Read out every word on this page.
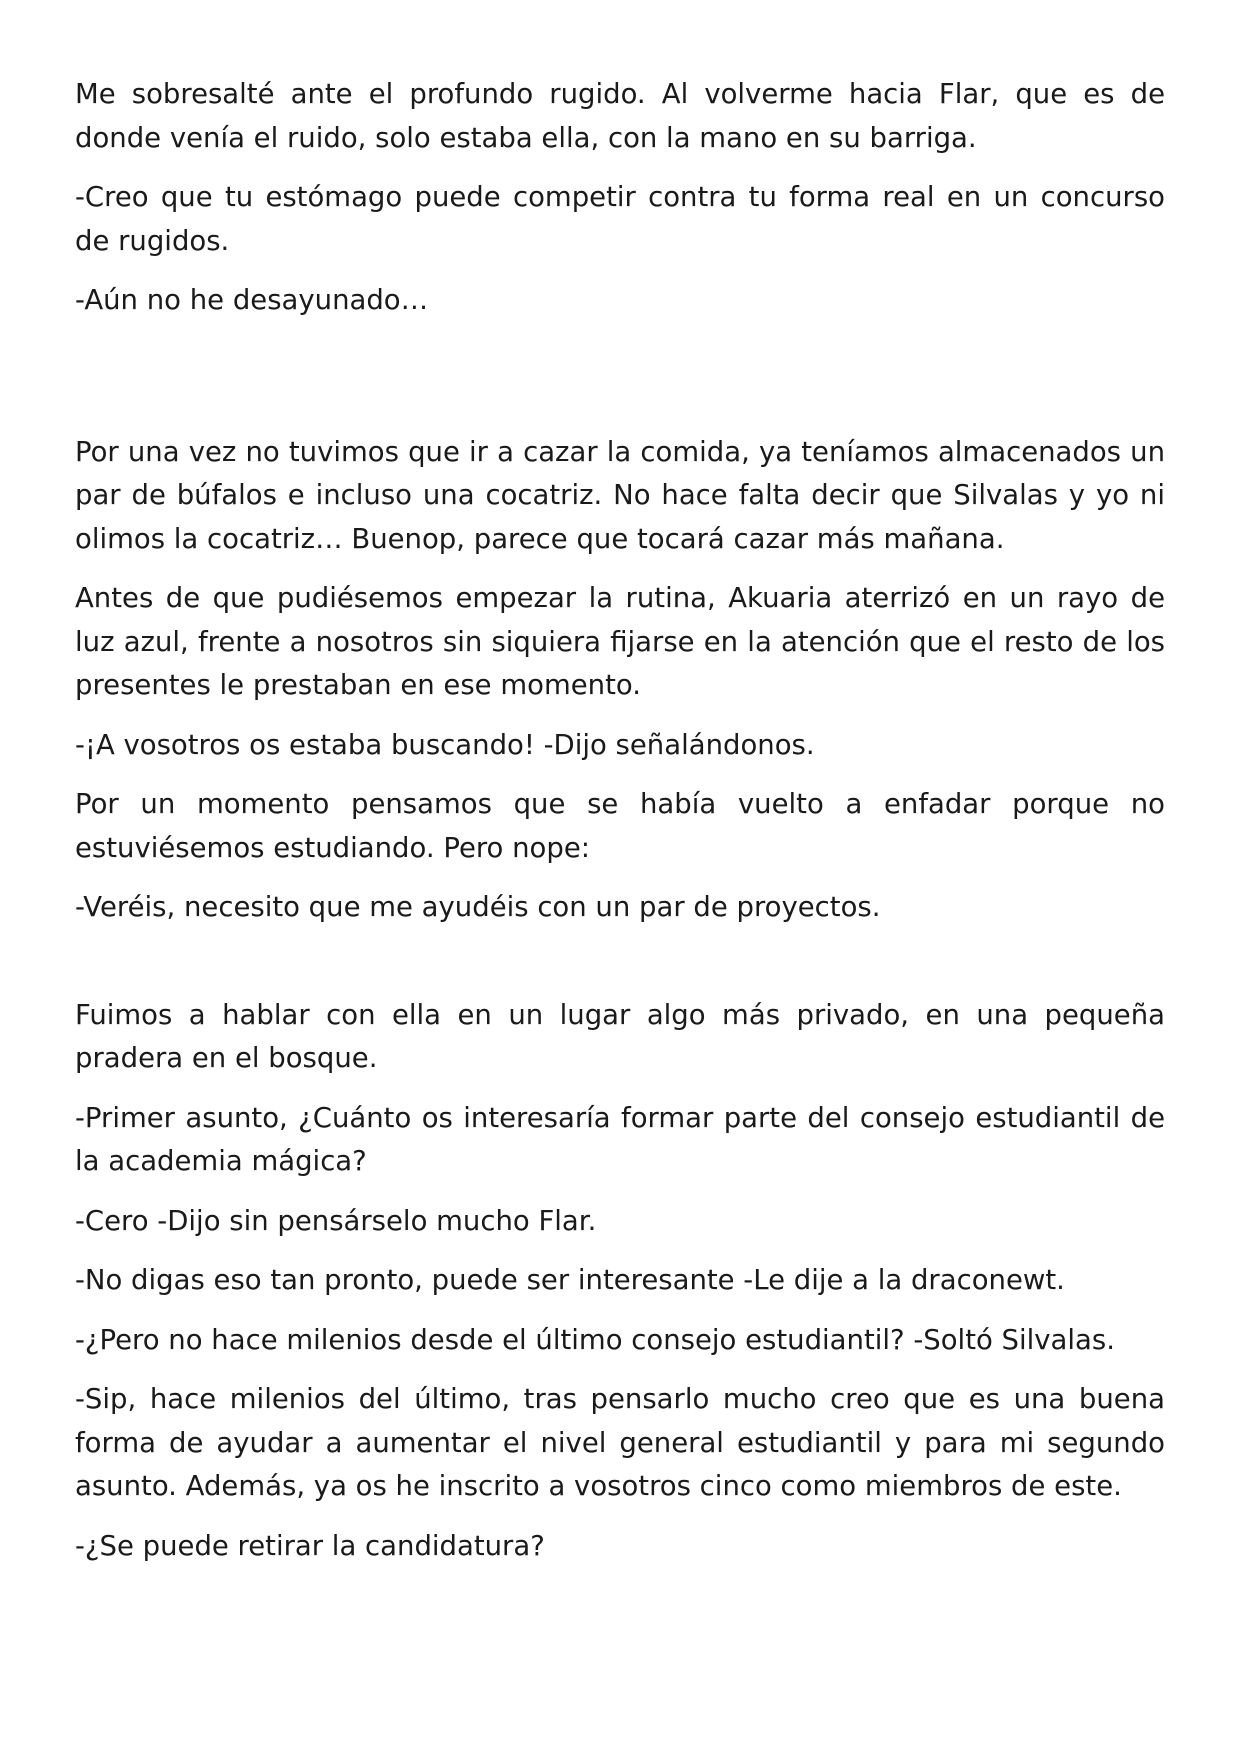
Me sobresalté ante el profundo rugido. Al volverme hacia Flar, que es de donde venía el ruido, solo estaba ella, con la mano en su barriga.

-Creo que tu estómago puede competir contra tu forma real en un concurso de rugidos.

-Aún no he desayunado…

Por una vez no tuvimos que ir a cazar la comida, ya teníamos almacenados un par de búfalos e incluso una cocatriz. No hace falta decir que Silvalas y yo ni olimos la cocatriz… Buenop, parece que tocará cazar más mañana.

Antes de que pudiésemos empezar la rutina, Akuaria aterrizó en un rayo de luz azul, frente a nosotros sin siquiera fijarse en la atención que el resto de los presentes le prestaban en ese momento.

-¡A vosotros os estaba buscando! -Dijo señalándonos.

Por un momento pensamos que se había vuelto a enfadar porque no estuviésemos estudiando. Pero nope:

-Veréis, necesito que me ayudéis con un par de proyectos.

Fuimos a hablar con ella en un lugar algo más privado, en una pequeña pradera en el bosque.

-Primer asunto, ¿Cuánto os interesaría formar parte del consejo estudiantil de la academia mágica?

-Cero -Dijo sin pensárselo mucho Flar.

-No digas eso tan pronto, puede ser interesante -Le dije a la draconewt.

-¿Pero no hace milenios desde el último consejo estudiantil? -Soltó Silvalas.

-Sip, hace milenios del último, tras pensarlo mucho creo que es una buena forma de ayudar a aumentar el nivel general estudiantil y para mi segundo asunto. Además, ya os he inscrito a vosotros cinco como miembros de este.

-¿Se puede retirar la candidatura?
